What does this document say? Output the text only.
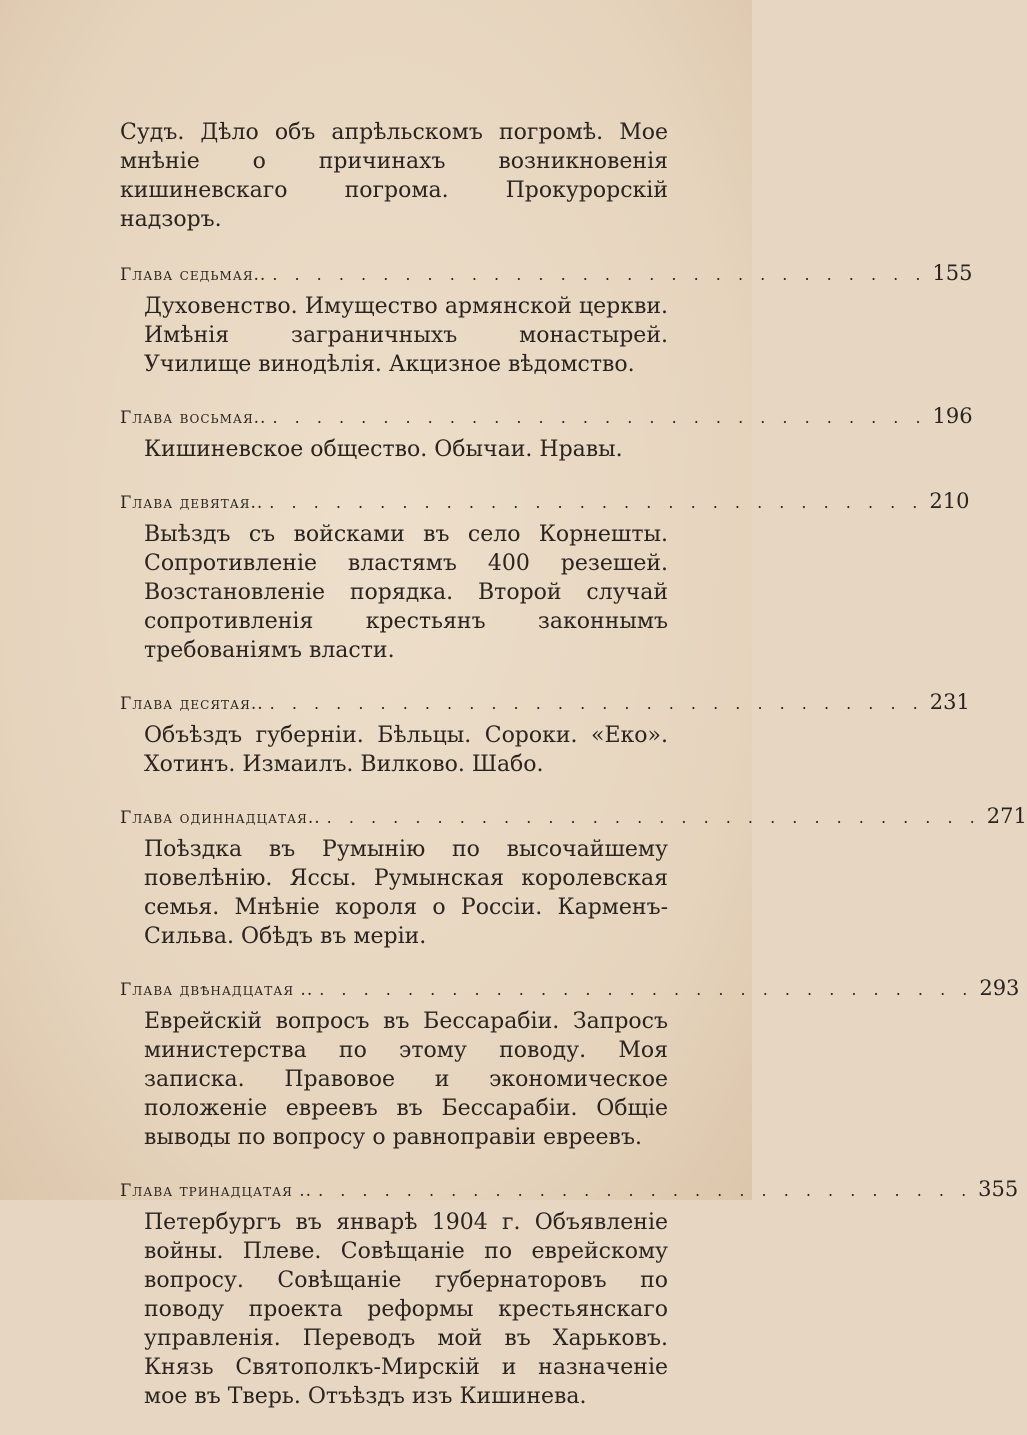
Судъ. Дѣло объ апрѣльскомъ погромѣ. Мое мнѣніе о причинахъ возникновенія кишиневскаго погрома. Прокурорскій надзоръ.

Глава седьмая.. . . . . . . . . . . . . . . . . . . . . . . . . . . . . . . 155

Духовенство. Имущество армянской церкви. Имѣнія заграничныхъ монастырей. Училище винодѣлія. Акцизное вѣдомство.

Глава восьмая.. . . . . . . . . . . . . . . . . . . . . . . . . . . . . . . 196

Кишиневское общество. Обычаи. Нравы.

Глава девятая.. . . . . . . . . . . . . . . . . . . . . . . . . . . . . . . 210

Выѣздъ съ войсками въ село Корнешты. Сопротивленіе властямъ 400 резешей. Возстановленіе порядка. Второй случай сопротивленія крестьянъ законнымъ требованіямъ власти.

Глава десятая.. . . . . . . . . . . . . . . . . . . . . . . . . . . . . . . 231

Объѣздъ губерніи. Бѣльцы. Сороки. «Еко». Хотинъ. Измаилъ. Вилково. Шабо.

Глава одиннадцатая.. . . . . . . . . . . . . . . . . . . . . . . . . . . . . . . 271

Поѣздка въ Румынію по высочайшему повелѣнію. Яссы. Румынская королевская семья. Мнѣніе короля о Россіи. Карменъ-Сильва. Обѣдъ въ меріи.

Глава двѣнадцатая .. . . . . . . . . . . . . . . . . . . . . . . . . . . . . . . 293

Еврейскій вопросъ въ Бессарабіи. Запросъ министерства по этому поводу. Моя записка. Правовое и экономическое положеніе евреевъ въ Бессарабіи. Общіе выводы по вопросу о равноправіи евреевъ.

Глава тринадцатая .. . . . . . . . . . . . . . . . . . . . . . . . . . . . . . . 355

Петербургъ въ январѣ 1904 г. Объявленіе войны. Плеве. Совѣщаніе по еврейскому вопросу. Совѣщаніе губернаторовъ по поводу проекта реформы крестьянскаго управленія. Переводъ мой въ Харьковъ. Князь Святополкъ-Мирскій и назначеніе мое въ Тверь. Отъѣздъ изъ Кишинева.
